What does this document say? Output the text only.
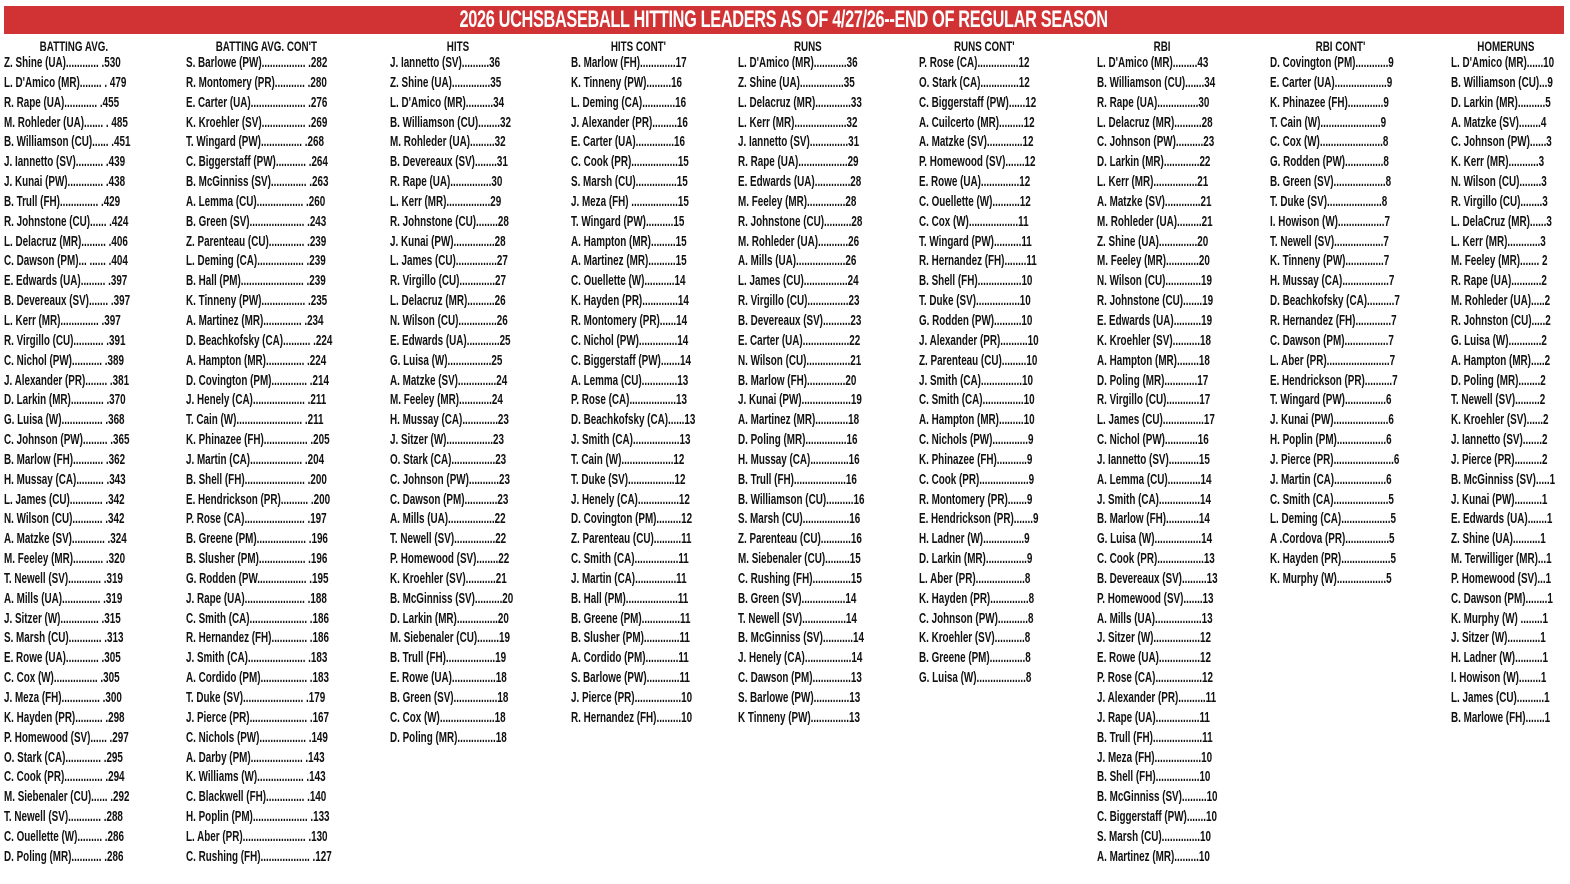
2026 UCHSBASEBALL HITTING LEADERS AS OF 4/27/26--END OF REGULAR SEASON
BATTING AVG.
Z. Shine (UA)............ .530
L. D'Amico (MR)........ . 479
R. Rape (UA)............ .455
M. Rohleder (UA)....... . 485
B. Williamson (CU)...... .451
J. Iannetto (SV).......... .439
J. Kunai (PW)............. .438
B. Trull (FH).............. .429
R. Johnstone (CU)...... .424
L. Delacruz (MR)......... .406
C. Dawson (PM)... ...... .404
E. Edwards (UA)......... .397
B. Devereaux (SV)....... .397
L. Kerr (MR).............. .397
R. Virgillo (CU)........... .391
C. Nichol (PW)........... .389
J. Alexander (PR)........ .381
D. Larkin (MR)............ .370
G. Luisa (W)............... .368
C. Johnson (PW)......... .365
B. Marlow (FH)........... .362
H. Mussay (CA).......... .343
L. James (CU)............ .342
N. Wilson (CU)........... .342
A. Matzke (SV)............ .324
M. Feeley (MR)........... .320
T. Newell (SV)............ .319
A. Mills (UA).............. .319
J. Sitzer (W).............. .315
S. Marsh (CU)............ .313
E. Rowe (UA)............ .305
C. Cox (W)................ .305
J. Meza (FH).............. .300
K. Hayden (PR).......... .298
P. Homewood (SV)...... .297
O. Stark (CA)............. .295
C. Cook (PR).............. .294
M. Siebenaler (CU)...... .292
T. Newell (SV)............ .288
C. Ouellette (W)......... .286
D. Poling (MR)........... .286
BATTING AVG. CON'T
S. Barlowe (PW)................ .282
R. Montomery (PR)........... .280
E. Carter (UA).................... .276
K. Kroehler (SV)................ .269
T. Wingard (PW)............... .268
C. Biggerstaff (PW)........... .264
B. McGinniss (SV)............. .263
A. Lemma (CU)................. .260
B. Green (SV).................... .243
Z. Parenteau (CU)............. .239
L. Deming (CA)................. .239
B. Hall (PM)....................... .239
K. Tinneny (PW)................ .235
A. Martinez (MR).............. .234
D. Beachkofsky (CA).......... .224
A. Hampton (MR).............. .224
D. Covington (PM)............. .214
J. Henely (CA)................... .211
T. Cain (W)........................ .211
K. Phinazee (FH)................ .205
J. Martin (CA)................... .204
B. Shell (FH)...................... .200
E. Hendrickson (PR).......... .200
P. Rose (CA)...................... .197
B. Greene (PM).................. .196
B. Slusher (PM)................. .196
G. Rodden (PW.................. .195
J. Rape (UA)...................... .188
C. Smith (CA)..................... .186
R. Hernandez (FH)............. .186
J. Smith (CA)..................... .183
A. Cordido (PM)................. .183
T. Duke (SV)...................... .179
J. Pierce (PR)..................... .167
C. Nichols (PW)................. .149
A. Darby (PM)................... .143
K. Williams (W)................. .143
C. Blackwell (FH).............. .140
H. Poplin (PM).................... .133
L. Aber (PR)....................... .130
C. Rushing (FH).................. .127
HITS
J. Iannetto (SV)..........36
Z. Shine (UA)..............35
L. D'Amico (MR)..........34
B. Williamson (CU)........32
M. Rohleder (UA).........32
B. Devereaux (SV)........31
R. Rape (UA)...............30
L. Kerr (MR)................29
R. Johnstone (CU)........28
J. Kunai (PW)...............28
L. James (CU)...............27
R. Virgillo (CU).............27
L. Delacruz (MR)..........26
N. Wilson (CU)..............26
E. Edwards (UA)............25
G. Luisa (W)................25
A. Matzke (SV)..............24
M. Feeley (MR)............24
H. Mussay (CA).............23
J. Sitzer (W).................23
O. Stark (CA)................23
C. Johnson (PW)...........23
C. Dawson (PM)............23
A. Mills (UA).................22
T. Newell (SV)...............22
P. Homewood (SV)........22
K. Kroehler (SV)...........21
B. McGinniss (SV)..........20
D. Larkin (MR)...............20
M. Siebenaler (CU)........19
B. Trull (FH)..................19
E. Rowe (UA)................18
B. Green (SV)................18
C. Cox (W)....................18
D. Poling (MR)..............18
HITS CONT'
B. Marlow (FH).............17
K. Tinneny (PW).........16
L. Deming (CA)............16
J. Alexander (PR).........16
E. Carter (UA)..............16
C. Cook (PR).................15
S. Marsh (CU)...............15
J. Meza (FH) .................15
T. Wingard (PW)..........15
A. Hampton (MR).........15
A. Martinez (MR)..........15
C. Ouellette (W)...........14
K. Hayden (PR).............14
R. Montomery (PR)......14
C. Nichol (PW)..............14
C. Biggerstaff (PW).......14
A. Lemma (CU).............13
P. Rose (CA).................13
D. Beachkofsky (CA)......13
J. Smith (CA).................13
T. Cain (W)...................12
T. Duke (SV).................12
J. Henely (CA)...............12
D. Covington (PM).........12
Z. Parenteau (CU)..........11
C. Smith (CA)................11
J. Martin (CA)...............11
B. Hall (PM)...................11
B. Greene (PM)..............11
B. Slusher (PM).............11
A. Cordido (PM)............11
S. Barlowe (PW)............11
J. Pierce (PR).................10
R. Hernandez (FH).........10
RUNS
L. D'Amico (MR)............36
Z. Shine (UA)................35
L. Delacruz (MR).............33
L. Kerr (MR)...................32
J. Iannetto (SV)..............31
R. Rape (UA)..................29
E. Edwards (UA).............28
M. Feeley (MR)..............28
R. Johnstone (CU)..........28
M. Rohleder (UA)...........26
A. Mills (UA)..................26
L. James (CU)................24
R. Virgillo (CU)...............23
B. Devereaux (SV)..........23
E. Carter (UA).................22
N. Wilson (CU)................21
B. Marlow (FH)..............20
J. Kunai (PW)..................19
A. Martinez (MR)............18
D. Poling (MR)...............16
H. Mussay (CA)..............16
B. Trull (FH)...................16
B. Williamson (CU)..........16
S. Marsh (CU).................16
Z. Parenteau (CU)...........16
M. Siebenaler (CU).........15
C. Rushing (FH)..............15
B. Green (SV)................14
T. Newell (SV)................14
B. McGinniss (SV)...........14
J. Henely (CA).................14
C. Dawson (PM)..............13
S. Barlowe (PW).............13
K Tinneny (PW)..............13
RUNS CONT'
P. Rose (CA)...............12
O. Stark (CA)..............12
C. Biggerstaff (PW)......12
A. Cuilcerto (MR).........12
A. Matzke (SV).............12
P. Homewood (SV).......12
E. Rowe (UA)..............12
C. Ouellette (W)..........12
C. Cox (W)..................11
T. Wingard (PW)..........11
R. Hernandez (FH)........11
B. Shell (FH)................10
T. Duke (SV)................10
G. Rodden (PW)..........10
J. Alexander (PR)..........10
Z. Parenteau (CU).........10
J. Smith (CA)...............10
C. Smith (CA)...............10
A. Hampton (MR).........10
C. Nichols (PW).............9
K. Phinazee (FH)...........9
C. Cook (PR)..................9
R. Montomery (PR).......9
E. Hendrickson (PR).......9
H. Ladner (W)...............9
D. Larkin (MR)...............9
L. Aber (PR)..................8
K. Hayden (PR)..............8
C. Johnson (PW)...........8
K. Kroehler (SV)...........8
B. Greene (PM).............8
G. Luisa (W)..................8
RBI
L. D'Amico (MR).........43
B. Williamson (CU).......34
R. Rape (UA)...............30
L. Delacruz (MR)..........28
C. Johnson (PW)..........23
D. Larkin (MR).............22
L. Kerr (MR)................21
A. Matzke (SV).............21
M. Rohleder (UA).........21
Z. Shine (UA)..............20
M. Feeley (MR)............20
N. Wilson (CU).............19
R. Johnstone (CU).......19
E. Edwards (UA)..........19
K. Kroehler (SV)..........18
A. Hampton (MR)........18
D. Poling (MR)............17
R. Virgillo (CU)............17
L. James (CU)...............17
C. Nichol (PW)............16
J. Iannetto (SV)...........15
A. Lemma (CU)............14
J. Smith (CA)...............14
B. Marlow (FH)............14
G. Luisa (W).................14
C. Cook (PR).................13
B. Devereaux (SV).........13
P. Homewood (SV).......13
A. Mills (UA).................13
J. Sitzer (W).................12
E. Rowe (UA)...............12
P. Rose (CA).................12
J. Alexander (PR)..........11
J. Rape (UA)................11
B. Trull (FH)..................11
J. Meza (FH).................10
B. Shell (FH)................10
B. McGinniss (SV).........10
C. Biggerstaff (PW).......10
S. Marsh (CU)..............10
A. Martinez (MR).........10
RBI CONT'
D. Covington (PM)............9
E. Carter (UA)...................9
K. Phinazee (FH).............9
T. Cain (W)......................9
C. Cox (W).......................8
G. Rodden (PW)..............8
B. Green (SV)...................8
T. Duke (SV)....................8
I. Howison (W).................7
T. Newell (SV)..................7
K. Tinneny (PW)..............7
H. Mussay (CA).................7
D. Beachkofsky (CA)..........7
R. Hernandez (FH).............7
C. Dawson (PM)................7
L. Aber (PR).......................7
E. Hendrickson (PR)..........7
T. Wingard (PW)...............6
J. Kunai (PW)....................6
H. Poplin (PM)..................6
J. Pierce (PR)......................6
J. Martin (CA)...................6
C. Smith (CA)....................5
L. Deming (CA)..................5
A .Cordova (PR)................5
K. Hayden (PR)..................5
K. Murphy (W)..................5
HOMERUNS
L. D'Amico (MR)......10
B. Williamson (CU)...9
D. Larkin (MR)..........5
A. Matzke (SV)........4
C. Johnson (PW)......3
K. Kerr (MR)...........3
N. Wilson (CU)........3
R. Virgillo (CU)........3
L. DelaCruz (MR)......3
L. Kerr (MR)............3
M. Feeley (MR)....... 2
R. Rape (UA)...........2
M. Rohleder (UA).....2
R. Johnston (CU).....2
G. Luisa (W)............2
A. Hampton (MR).....2
D. Poling (MR)........2
T. Newell (SV).........2
K. Kroehler (SV)......2
J. Iannetto (SV).......2
J. Pierce (PR)..........2
B. McGinniss (SV).....1
J. Kunai (PW)..........1
E. Edwards (UA).......1
Z. Shine (UA)..........1
M. Terwilliger (MR)...1
P. Homewood (SV)...1
C. Dawson (PM)........1
K. Murphy (W) ........1
J. Sitzer (W)............1
H. Ladner (W)..........1
I. Howison (W)........1
L. James (CU)..........1
B. Marlowe (FH).......1
